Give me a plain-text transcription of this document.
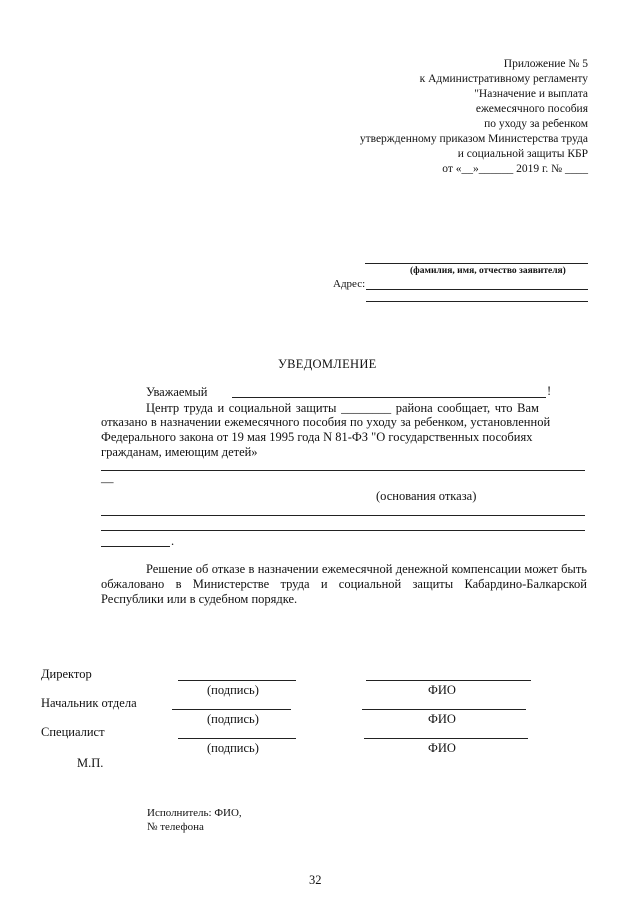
Приложение № 5
к Административному регламенту
"Назначение и выплата
ежемесячного пособия
по уходу за ребенком
утвержденному приказом Министерства труда
и социальной защиты КБР
от «__»______ 2019 г. № ____
(фамилия, имя, отчество заявителя)
Адрес:
УВЕДОМЛЕНИЕ
Уважаемый	!
Центр труда и социальной защиты ________ района сообщает, что Вам
отказано в назначении ежемесячного пособия по уходу за ребенком, установленной
Федерального закона от 19 мая 1995 года N 81-ФЗ "О государственных пособиях
гражданам, имеющим детей»
—
(основания отказа)
.
Решение об отказе в назначении ежемесячной денежной компенсации может быть обжаловано в Министерстве труда и социальной защиты Кабардино-Балкарской Республики или в судебном порядке.
Директор
(подпись)	ФИО
Начальник отдела
(подпись)	ФИО
Специалист
(подпись)	ФИО
М.П.
Исполнитель: ФИО,
№ телефона
32
